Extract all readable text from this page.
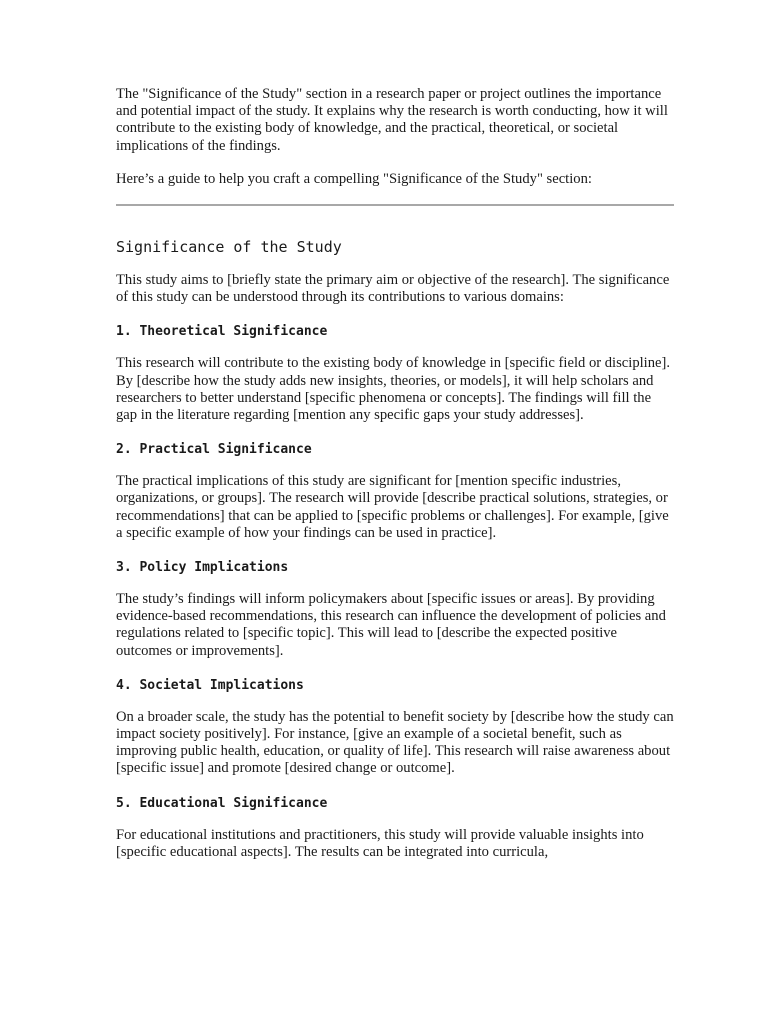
The "Significance of the Study" section in a research paper or project outlines the importance and potential impact of the study. It explains why the research is worth conducting, how it will contribute to the existing body of knowledge, and the practical, theoretical, or societal implications of the findings.

Here’s a guide to help you craft a compelling "Significance of the Study" section:

Significance of the Study

This study aims to [briefly state the primary aim or objective of the research]. The significance of this study can be understood through its contributions to various domains:

1. Theoretical Significance

This research will contribute to the existing body of knowledge in [specific field or discipline]. By [describe how the study adds new insights, theories, or models], it will help scholars and researchers to better understand [specific phenomena or concepts]. The findings will fill the gap in the literature regarding [mention any specific gaps your study addresses].

2. Practical Significance

The practical implications of this study are significant for [mention specific industries, organizations, or groups]. The research will provide [describe practical solutions, strategies, or recommendations] that can be applied to [specific problems or challenges]. For example, [give a specific example of how your findings can be used in practice].

3. Policy Implications

The study’s findings will inform policymakers about [specific issues or areas]. By providing evidence-based recommendations, this research can influence the development of policies and regulations related to [specific topic]. This will lead to [describe the expected positive outcomes or improvements].

4. Societal Implications

On a broader scale, the study has the potential to benefit society by [describe how the study can impact society positively]. For instance, [give an example of a societal benefit, such as improving public health, education, or quality of life]. This research will raise awareness about [specific issue] and promote [desired change or outcome].

5. Educational Significance

For educational institutions and practitioners, this study will provide valuable insights into [specific educational aspects]. The results can be integrated into curricula,
